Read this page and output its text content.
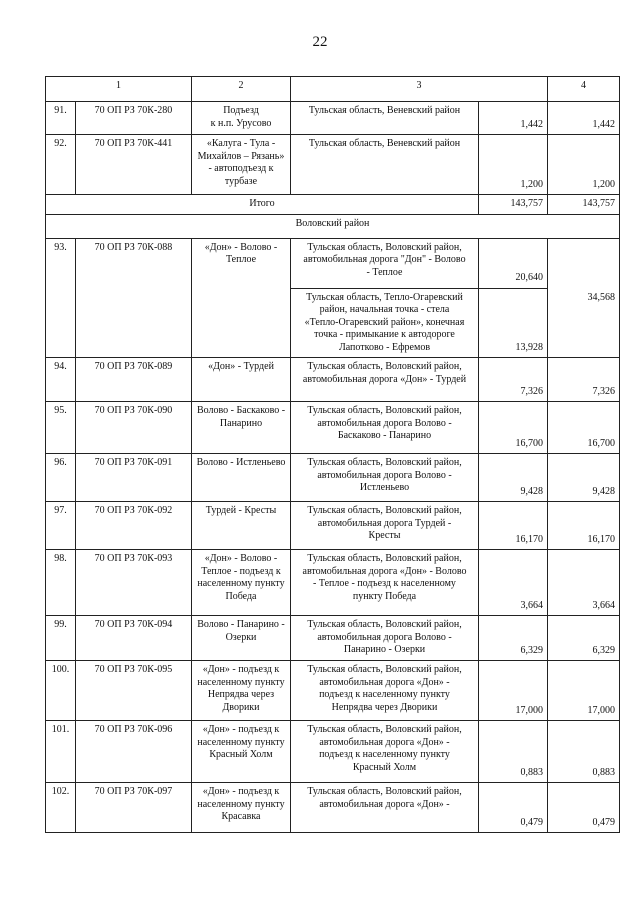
22
1		2	3		4
91.	70 ОП РЗ 70К-280	Подъезд
к н.п. Урусово	Тульская область, Веневский район	1,442	1,442
92.	70 ОП РЗ 70К-441	«Калуга - Тула -
Михайлов – Рязань»
- автоподъезд к
турбазе	Тульская область, Веневский район	1,200	1,200
Итого				143,757	143,757
Воловский район					
93.	70 ОП РЗ 70К-088	«Дон» - Волово -
Теплое	Тульская область, Воловский район,
автомобильная дорога "Дон" - Волово
- Теплое	20,640	34,568
			Тульская область, Тепло-Огаревский
район, начальная точка - стела
«Тепло-Огаревский район», конечная
точка - примыкание к автодороге
Лапотково - Ефремов	13,928	
94.	70 ОП РЗ 70К-089	«Дон» - Турдей	Тульская область, Воловский район,
автомобильная дорога «Дон» - Турдей	7,326	7,326
95.	70 ОП РЗ 70К-090	Волово - Баскаково -
Панарино	Тульская область, Воловский район,
автомобильная дорога Волово -
Баскаково - Панарино	16,700	16,700
96.	70 ОП РЗ 70К-091	Волово - Истленьево	Тульская область, Воловский район,
автомобильная дорога Волово -
Истленьево	9,428	9,428
97.	70 ОП РЗ 70К-092	Турдей - Кресты	Тульская область, Воловский район,
автомобильная дорога Турдей -
Кресты	16,170	16,170
98.	70 ОП РЗ 70К-093	«Дон» - Волово -
Теплое - подъезд к
населенному пункту
Победа	Тульская область, Воловский район,
автомобильная дорога «Дон» - Волово
- Теплое - подъезд к населенному
пункту Победа	3,664	3,664
99.	70 ОП РЗ 70К-094	Волово - Панарино -
Озерки	Тульская область, Воловский район,
автомобильная дорога Волово -
Панарино - Озерки	6,329	6,329
100.	70 ОП РЗ 70К-095	«Дон» - подъезд к
населенному пункту
Непрядва через
Дворики	Тульская область, Воловский район,
автомобильная дорога «Дон» -
подъезд к населенному пункту
Непрядва через Дворики	17,000	17,000
101.	70 ОП РЗ 70К-096	«Дон» - подъезд к
населенному пункту
Красный Холм	Тульская область, Воловский район,
автомобильная дорога «Дон» -
подъезд к населенному пункту
Красный Холм	0,883	0,883
102.	70 ОП РЗ 70К-097	«Дон» - подъезд к
населенному пункту
Красавка	Тульская область, Воловский район,
автомобильная дорога «Дон» -	0,479	0,479
